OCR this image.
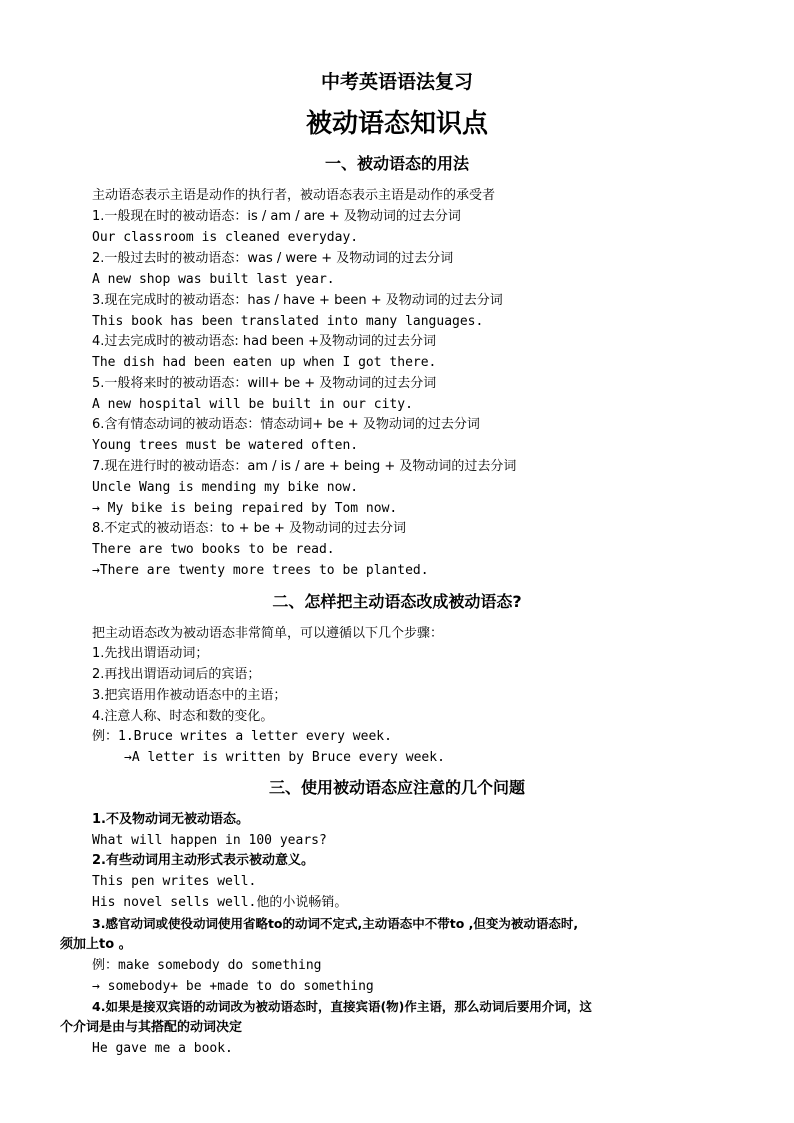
中考英语语法复习
被动语态知识点
一、被动语态的用法
主动语态表示主语是动作的执行者，被动语态表示主语是动作的承受者
1.一般现在时的被动语态：is / am / are + 及物动词的过去分词
Our classroom is cleaned everyday.
2.一般过去时的被动语态：was / were + 及物动词的过去分词
A new shop was built last year.
3.现在完成时的被动语态：has / have + been + 及物动词的过去分词
This book has been translated into many languages.
4.过去完成时的被动语态: had been +及物动词的过去分词
The dish had been eaten up when I got there.
5.一般将来时的被动语态：will+ be + 及物动词的过去分词
A new hospital will be built in our city.
6.含有情态动词的被动语态：情态动词+ be + 及物动词的过去分词
Young trees must be watered often.
7.现在进行时的被动语态：am / is / are + being + 及物动词的过去分词
Uncle Wang is mending my bike now.
→ My bike is being repaired by Tom now.
8.不定式的被动语态：to + be + 及物动词的过去分词
There are two books to be read.
→There are twenty more trees to be planted.
二、怎样把主动语态改成被动语态?
把主动语态改为被动语态非常简单，可以遵循以下几个步骤：
1.先找出谓语动词；
2.再找出谓语动词后的宾语；
3.把宾语用作被动语态中的主语；
4.注意人称、时态和数的变化。
例：1.Bruce writes a letter every week.
→A letter is written by Bruce every week.
三、使用被动语态应注意的几个问题
1.不及物动词无被动语态。
What will happen in 100 years?
2.有些动词用主动形式表示被动意义。
This pen writes well.
His novel sells well.他的小说畅销。
3.感官动词或使役动词使用省略to的动词不定式,主动语态中不带to ,但变为被动语态时,
须加上to 。
例：make somebody do something
→ somebody+ be +made to do something
4.如果是接双宾语的动词改为被动语态时，直接宾语(物)作主语，那么动词后要用介词，这
个介词是由与其搭配的动词决定
He gave me a book.
